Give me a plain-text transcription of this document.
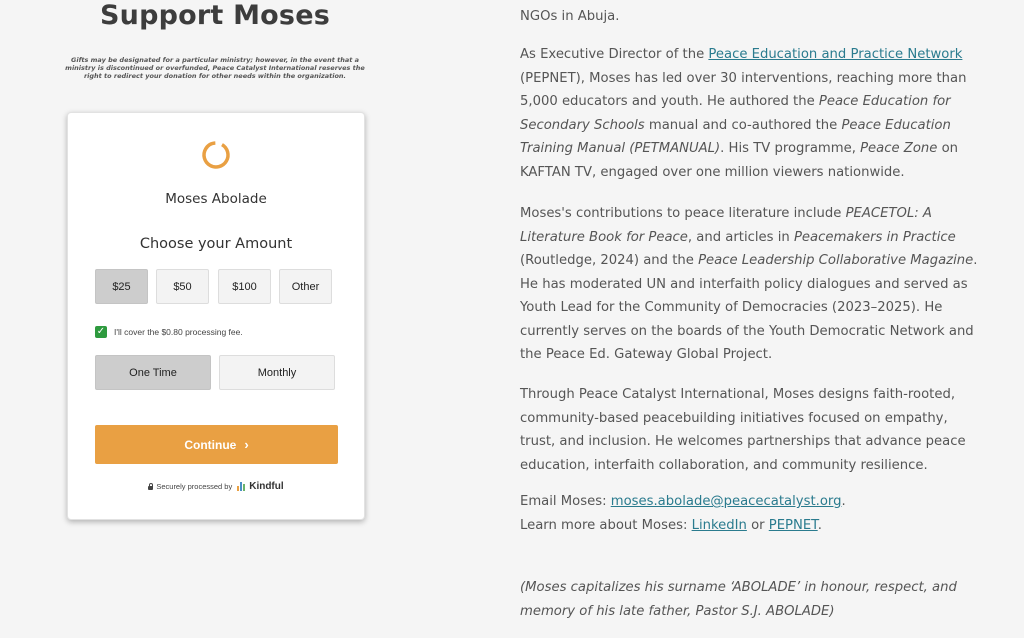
Support Moses
Gifts may be designated for a particular ministry; however, in the event that a ministry is discontinued or overfunded, Peace Catalyst International reserves the right to redirect your donation for other needs within the organization.
Moses Abolade
Choose your Amount
$25	$50	$100	Other
✓ I'll cover the $0.80 processing fee.
One Time	Monthly
Continue ›
Securely processed by Kindful

NGOs in Abuja.

As Executive Director of the Peace Education and Practice Network (PEPNET), Moses has led over 30 interventions, reaching more than 5,000 educators and youth. He authored the Peace Education for Secondary Schools manual and co-authored the Peace Education Training Manual (PETMANUAL). His TV programme, Peace Zone on KAFTAN TV, engaged over one million viewers nationwide.

Moses's contributions to peace literature include PEACETOL: A Literature Book for Peace, and articles in Peacemakers in Practice (Routledge, 2024) and the Peace Leadership Collaborative Magazine. He has moderated UN and interfaith policy dialogues and served as Youth Lead for the Community of Democracies (2023–2025). He currently serves on the boards of the Youth Democratic Network and the Peace Ed. Gateway Global Project.

Through Peace Catalyst International, Moses designs faith-rooted, community-based peacebuilding initiatives focused on empathy, trust, and inclusion. He welcomes partnerships that advance peace education, interfaith collaboration, and community resilience.

Email Moses: moses.abolade@peacecatalyst.org.
Learn more about Moses: LinkedIn or PEPNET.

(Moses capitalizes his surname ‘ABOLADE’ in honour, respect, and memory of his late father, Pastor S.J. ABOLADE)
